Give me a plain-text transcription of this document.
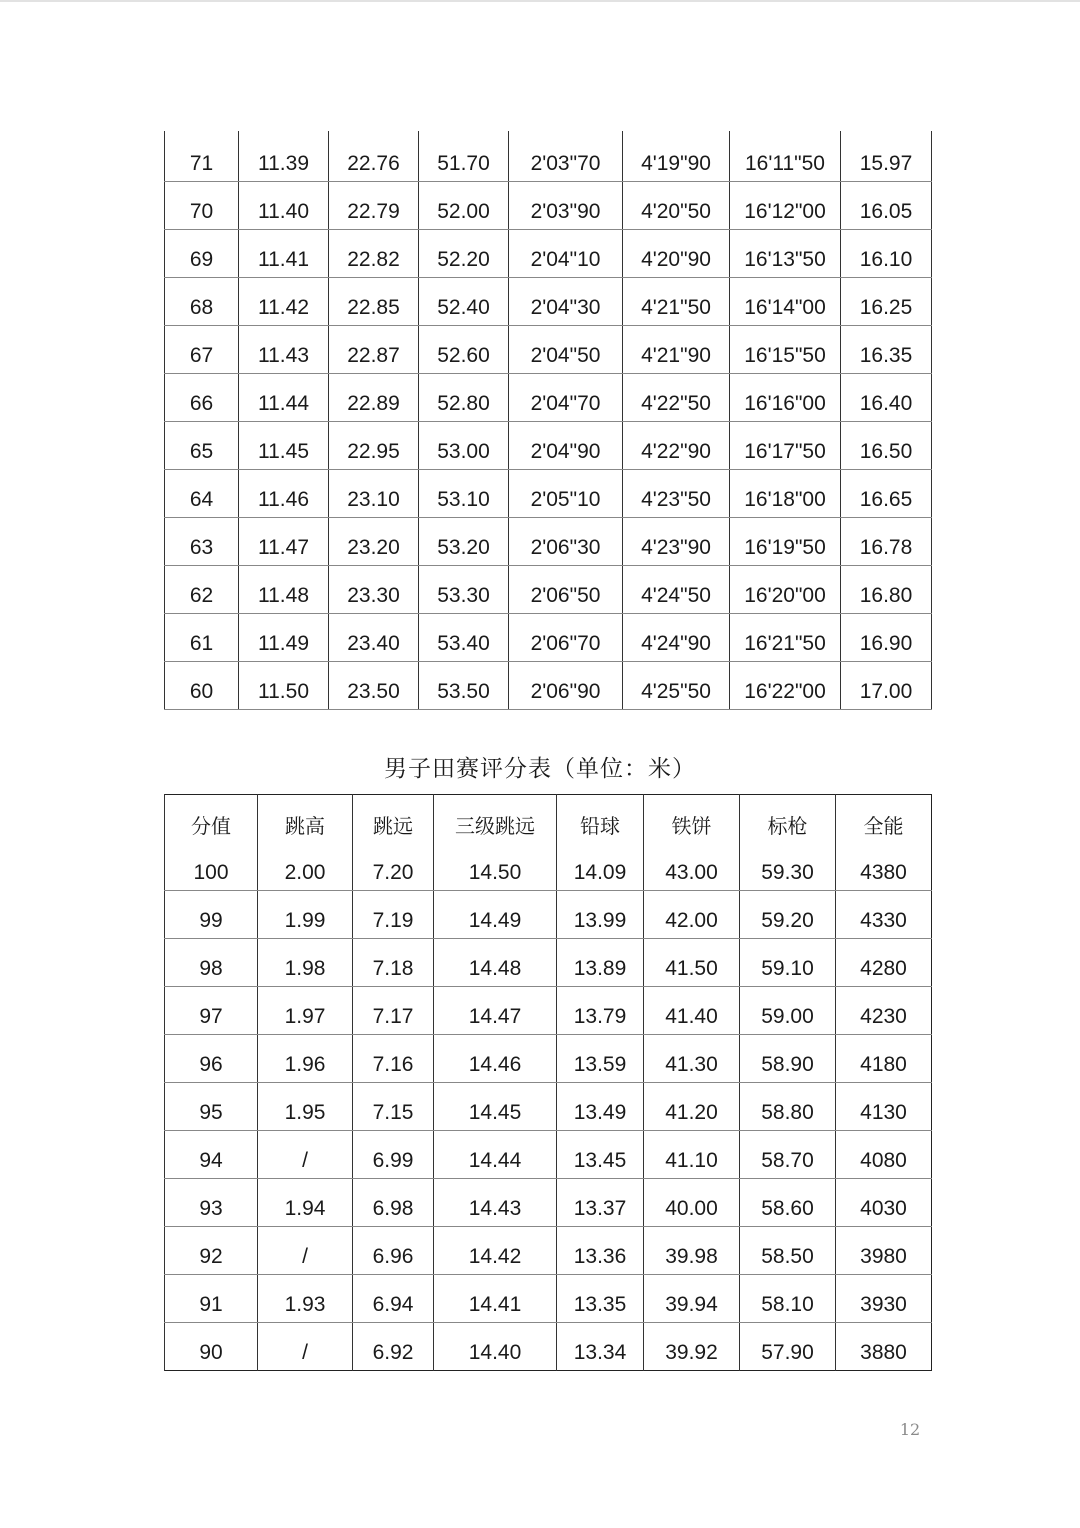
71	11.39	22.76	51.70	2'03"70	4'19"90	16'11"50	15.97
70	11.40	22.79	52.00	2'03"90	4'20"50	16'12"00	16.05
69	11.41	22.82	52.20	2'04"10	4'20"90	16'13"50	16.10
68	11.42	22.85	52.40	2'04"30	4'21"50	16'14"00	16.25
67	11.43	22.87	52.60	2'04"50	4'21"90	16'15"50	16.35
66	11.44	22.89	52.80	2'04"70	4'22"50	16'16"00	16.40
65	11.45	22.95	53.00	2'04"90	4'22"90	16'17"50	16.50
64	11.46	23.10	53.10	2'05"10	4'23"50	16'18"00	16.65
63	11.47	23.20	53.20	2'06"30	4'23"90	16'19"50	16.78
62	11.48	23.30	53.30	2'06"50	4'24"50	16'20"00	16.80
61	11.49	23.40	53.40	2'06"70	4'24"90	16'21"50	16.90
60	11.50	23.50	53.50	2'06"90	4'25"50	16'22"00	17.00
男子田赛评分表（单位：米）
分值	跳高	跳远	三级跳远	铅球	铁饼	标枪	全能
100	2.00	7.20	14.50	14.09	43.00	59.30	4380
99	1.99	7.19	14.49	13.99	42.00	59.20	4330
98	1.98	7.18	14.48	13.89	41.50	59.10	4280
97	1.97	7.17	14.47	13.79	41.40	59.00	4230
96	1.96	7.16	14.46	13.59	41.30	58.90	4180
95	1.95	7.15	14.45	13.49	41.20	58.80	4130
94	/	6.99	14.44	13.45	41.10	58.70	4080
93	1.94	6.98	14.43	13.37	40.00	58.60	4030
92	/	6.96	14.42	13.36	39.98	58.50	3980
91	1.93	6.94	14.41	13.35	39.94	58.10	3930
90	/	6.92	14.40	13.34	39.92	57.90	3880
12
